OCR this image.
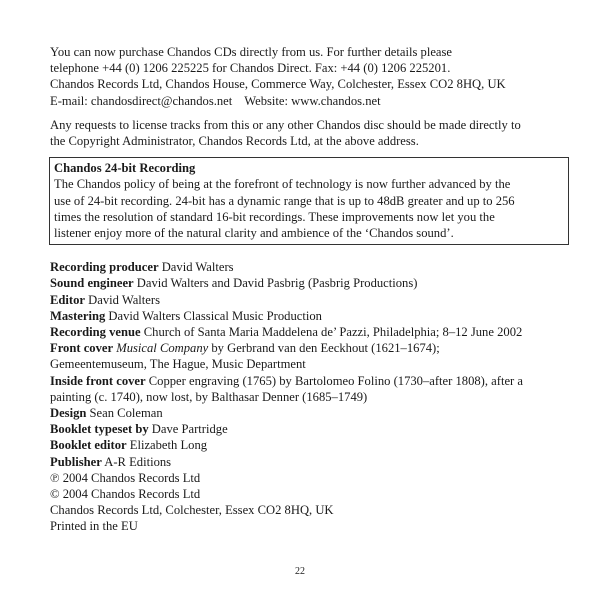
You can now purchase Chandos CDs directly from us. For further details please
telephone +44 (0) 1206 225225 for Chandos Direct. Fax: +44 (0) 1206 225201.
Chandos Records Ltd, Chandos House, Commerce Way, Colchester, Essex CO2 8HQ, UK
E-mail: chandosdirect@chandos.net Website: www.chandos.net
Any requests to license tracks from this or any other Chandos disc should be made directly to
the Copyright Administrator, Chandos Records Ltd, at the above address.
Chandos 24-bit Recording
The Chandos policy of being at the forefront of technology is now further advanced by the
use of 24-bit recording. 24-bit has a dynamic range that is up to 48dB greater and up to 256
times the resolution of standard 16-bit recordings. These improvements now let you the
listener enjoy more of the natural clarity and ambience of the ‘Chandos sound’.
Recording producer David Walters
Sound engineer David Walters and David Pasbrig (Pasbrig Productions)
Editor David Walters
Mastering David Walters Classical Music Production
Recording venue Church of Santa Maria Maddelena de’ Pazzi, Philadelphia; 8–12 June 2002
Front cover Musical Company by Gerbrand van den Eeckhout (1621–1674);
Gemeentemuseum, The Hague, Music Department
Inside front cover Copper engraving (1765) by Bartolomeo Folino (1730–after 1808), after a
painting (c. 1740), now lost, by Balthasar Denner (1685–1749)
Design Sean Coleman
Booklet typeset by Dave Partridge
Booklet editor Elizabeth Long
Publisher A-R Editions
℗ 2004 Chandos Records Ltd
© 2004 Chandos Records Ltd
Chandos Records Ltd, Colchester, Essex CO2 8HQ, UK
Printed in the EU
22
